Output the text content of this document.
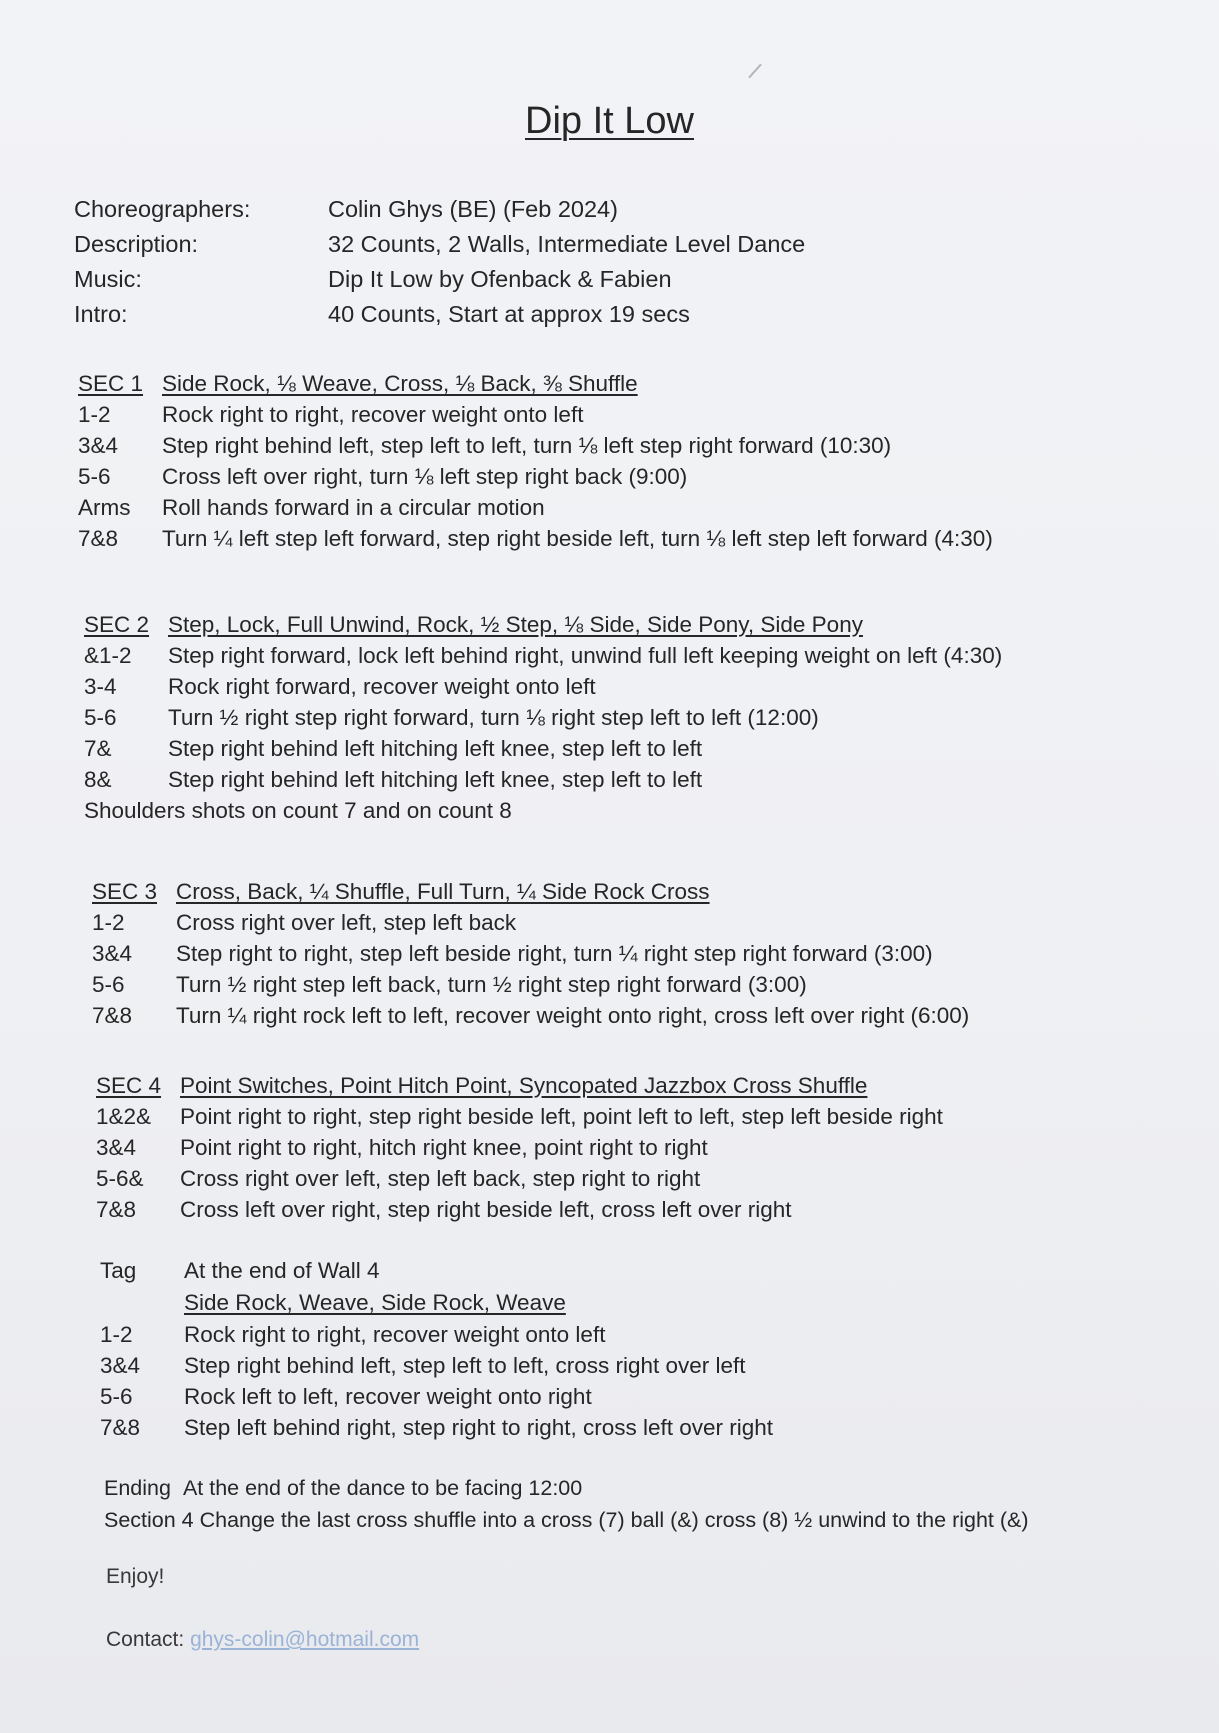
Dip It Low
Choreographers:	Colin Ghys (BE) (Feb 2024)
Description:	32 Counts, 2 Walls, Intermediate Level Dance
Music:	Dip It Low by Ofenback & Fabien
Intro:	40 Counts, Start at approx 19 secs
SEC 1 Side Rock, ⅛ Weave, Cross, ⅛ Back, ⅜ Shuffle
1-2	Rock right to right, recover weight onto left
3&4	Step right behind left, step left to left, turn ⅛ left step right forward (10:30)
5-6	Cross left over right, turn ⅛ left step right back (9:00)
Arms	Roll hands forward in a circular motion
7&8	Turn ¼ left step left forward, step right beside left, turn ⅛ left step left forward (4:30)
SEC 2 Step, Lock, Full Unwind, Rock, ½ Step, ⅛ Side, Side Pony, Side Pony
&1-2	Step right forward, lock left behind right, unwind full left keeping weight on left (4:30)
3-4	Rock right forward, recover weight onto left
5-6	Turn ½ right step right forward, turn ⅛ right step left to left (12:00)
7&	Step right behind left hitching left knee, step left to left
8&	Step right behind left hitching left knee, step left to left
Shoulders shots on count 7 and on count 8
SEC 3 Cross, Back, ¼ Shuffle, Full Turn, ¼ Side Rock Cross
1-2	Cross right over left, step left back
3&4	Step right to right, step left beside right, turn ¼ right step right forward (3:00)
5-6	Turn ½ right step left back, turn ½ right step right forward (3:00)
7&8	Turn ¼ right rock left to left, recover weight onto right, cross left over right (6:00)
SEC 4 Point Switches, Point Hitch Point, Syncopated Jazzbox Cross Shuffle
1&2&	Point right to right, step right beside left, point left to left, step left beside right
3&4	Point right to right, hitch right knee, point right to right
5-6&	Cross right over left, step left back, step right to right
7&8	Cross left over right, step right beside left, cross left over right
Tag	At the end of Wall 4
Side Rock, Weave, Side Rock, Weave
1-2	Rock right to right, recover weight onto left
3&4	Step right behind left, step left to left, cross right over left
5-6	Rock left to left, recover weight onto right
7&8	Step left behind right, step right to right, cross left over right
Ending At the end of the dance to be facing 12:00
Section 4 Change the last cross shuffle into a cross (7) ball (&) cross (8) ½ unwind to the right (&)
Enjoy!
Contact: ghys-colin@hotmail.com
